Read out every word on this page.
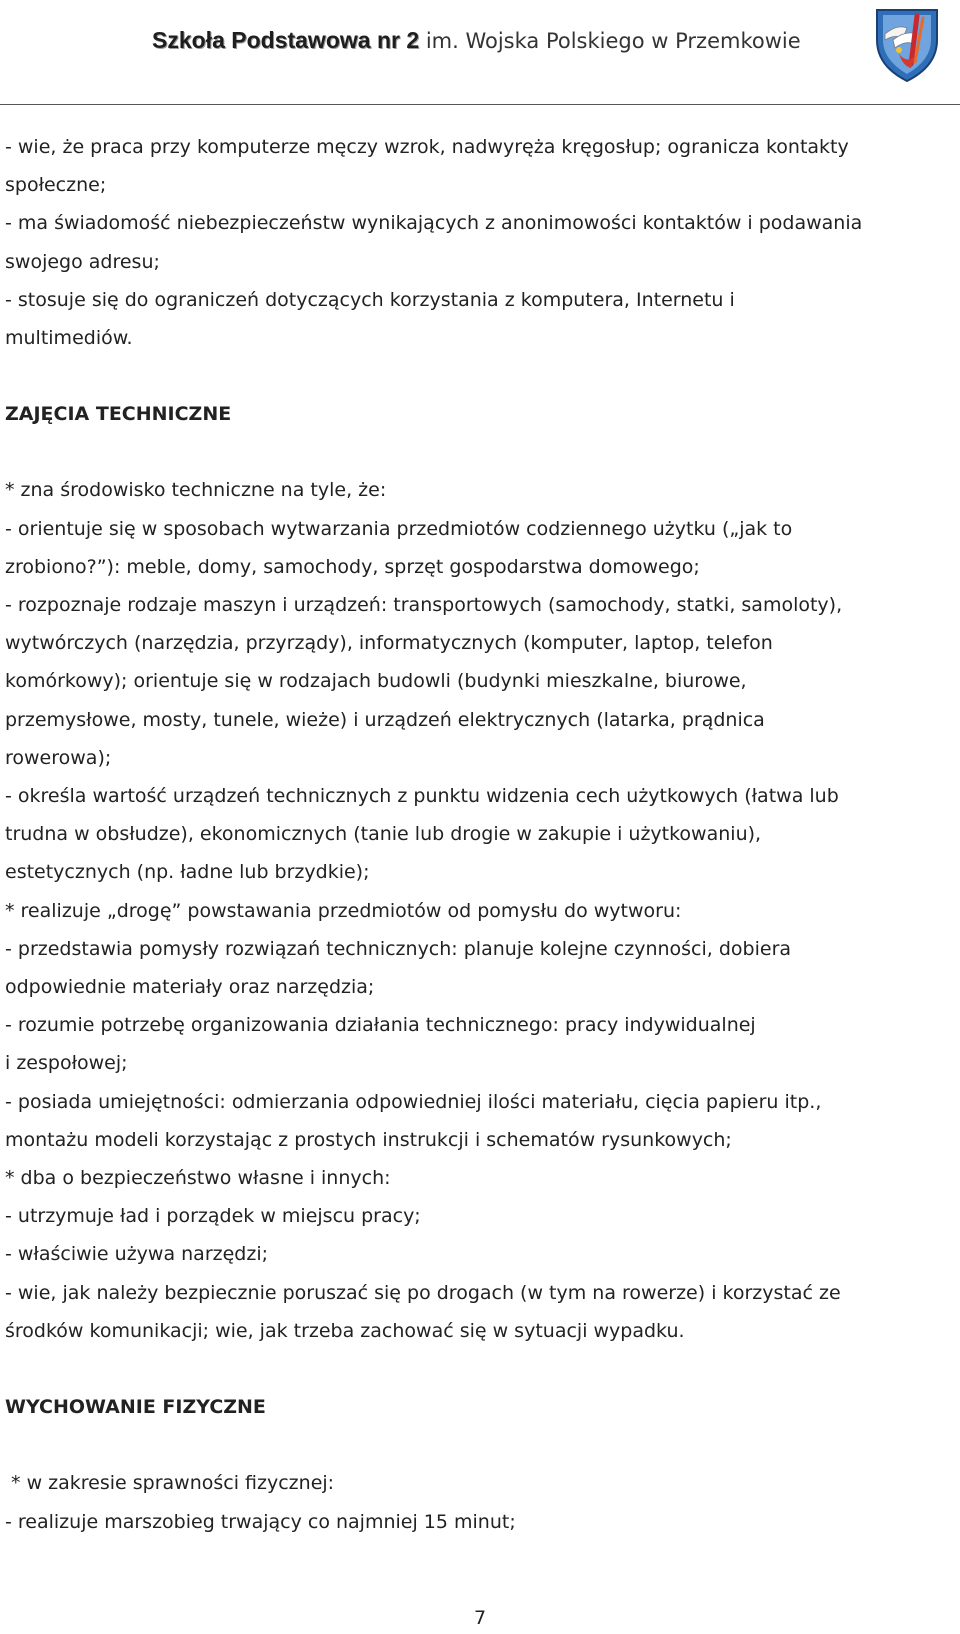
Szkoła Podstawowa nr 2 im. Wojska Polskiego w Przemkowie

- wie, że praca przy komputerze męczy wzrok, nadwyręża kręgosłup; ogranicza kontakty

społeczne;

- ma świadomość niebezpieczeństw wynikających z anonimowości kontaktów i podawania

swojego adresu;

- stosuje się do ograniczeń dotyczących korzystania z komputera, Internetu i

multimediów.

ZAJĘCIA TECHNICZNE

* zna środowisko techniczne na tyle, że:

- orientuje się w sposobach wytwarzania przedmiotów codziennego użytku („jak to

zrobiono?”): meble, domy, samochody, sprzęt gospodarstwa domowego;

- rozpoznaje rodzaje maszyn i urządzeń: transportowych (samochody, statki, samoloty),

wytwórczych (narzędzia, przyrządy), informatycznych (komputer, laptop, telefon

komórkowy); orientuje się w rodzajach budowli (budynki mieszkalne, biurowe,

przemysłowe, mosty, tunele, wieże) i urządzeń elektrycznych (latarka, prądnica

rowerowa);

- określa wartość urządzeń technicznych z punktu widzenia cech użytkowych (łatwa lub

trudna w obsłudze), ekonomicznych (tanie lub drogie w zakupie i użytkowaniu),

estetycznych (np. ładne lub brzydkie);

* realizuje „drogę” powstawania przedmiotów od pomysłu do wytworu:

- przedstawia pomysły rozwiązań technicznych: planuje kolejne czynności, dobiera

odpowiednie materiały oraz narzędzia;

- rozumie potrzebę organizowania działania technicznego: pracy indywidualnej

i zespołowej;

- posiada umiejętności: odmierzania odpowiedniej ilości materiału, cięcia papieru itp.,

montażu modeli korzystając z prostych instrukcji i schematów rysunkowych;

* dba o bezpieczeństwo własne i innych:

- utrzymuje ład i porządek w miejscu pracy;

- właściwie używa narzędzi;

- wie, jak należy bezpiecznie poruszać się po drogach (w tym na rowerze) i korzystać ze

środków komunikacji; wie, jak trzeba zachować się w sytuacji wypadku.

WYCHOWANIE FIZYCZNE

* w zakresie sprawności fizycznej:

- realizuje marszobieg trwający co najmniej 15 minut;

7
